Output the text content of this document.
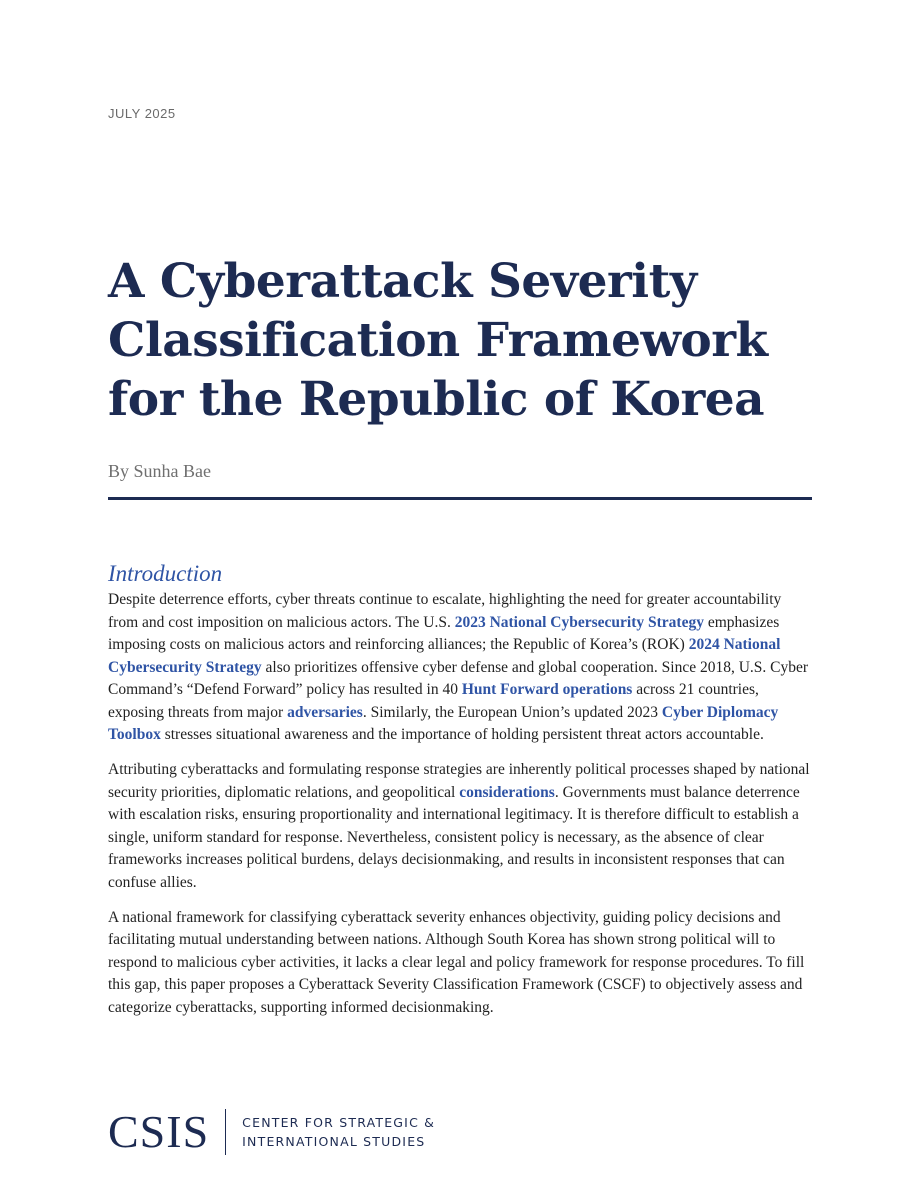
JULY 2025
A Cyberattack Severity
Classification Framework
for the Republic of Korea
By Sunha Bae
Introduction

Despite deterrence efforts, cyber threats continue to escalate, highlighting the need for greater accountability from and cost imposition on malicious actors. The U.S. 2023 National Cybersecurity Strategy emphasizes imposing costs on malicious actors and reinforcing alliances; the Republic of Korea’s (ROK) 2024 National Cybersecurity Strategy also prioritizes offensive cyber defense and global cooperation. Since 2018, U.S. Cyber Command’s “Defend Forward” policy has resulted in 40 Hunt Forward operations across 21 countries, exposing threats from major adversaries. Similarly, the European Union’s updated 2023 Cyber Diplomacy Toolbox stresses situational awareness and the importance of holding persistent threat actors accountable.

Attributing cyberattacks and formulating response strategies are inherently political processes shaped by national security priorities, diplomatic relations, and geopolitical considerations. Governments must balance deterrence with escalation risks, ensuring proportionality and international legitimacy. It is therefore difficult to establish a single, uniform standard for response. Nevertheless, consistent policy is necessary, as the absence of clear frameworks increases political burdens, delays decisionmaking, and results in inconsistent responses that can confuse allies.

A national framework for classifying cyberattack severity enhances objectivity, guiding policy decisions and facilitating mutual understanding between nations. Although South Korea has shown strong political will to respond to malicious cyber activities, it lacks a clear legal and policy framework for response procedures. To fill this gap, this paper proposes a Cyberattack Severity Classification Framework (CSCF) to objectively assess and categorize cyberattacks, supporting informed decisionmaking.

CSIS	CENTER FOR STRATEGIC &
INTERNATIONAL STUDIES
